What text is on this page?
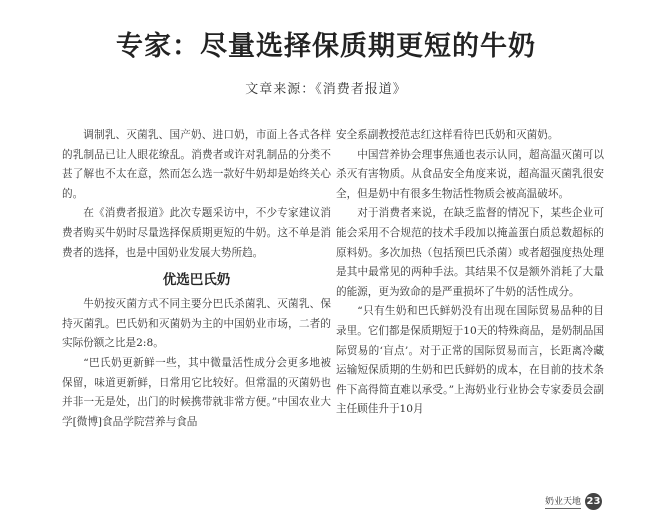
专家：尽量选择保质期更短的牛奶
文章来源：《消费者报道》

调制乳、灭菌乳、国产奶、进口奶，市面上各式各样的乳制品已让人眼花缭乱。消费者或许对乳制品的分类不甚了解也不太在意，然而怎么选一款好牛奶却是始终关心的。

在《消费者报道》此次专题采访中，不少专家建议消费者购买牛奶时尽量选择保质期更短的牛奶。这不单是消费者的选择，也是中国奶业发展大势所趋。

优选巴氏奶

牛奶按灭菌方式不同主要分巴氏杀菌乳、灭菌乳、保持灭菌乳。巴氏奶和灭菌奶为主的中国奶业市场，二者的实际份额之比是2:8。

“巴氏奶更新鲜一些，其中微量活性成分会更多地被保留，味道更新鲜，日常用它比较好。但常温的灭菌奶也并非一无是处，出门的时候携带就非常方便。”中国农业大学[微博]食品学院营养与食品

安全系副教授范志红这样看待巴氏奶和灭菌奶。

中国营养协会理事焦通也表示认同，超高温灭菌可以杀灭有害物质。从食品安全角度来说，超高温灭菌乳很安全，但是奶中有很多生物活性物质会被高温破坏。

对于消费者来说，在缺乏监督的情况下，某些企业可能会采用不合规范的技术手段加以掩盖蛋白质总数超标的原料奶。多次加热（包括预巴氏杀菌）或者超强度热处理是其中最常见的两种手法。其结果不仅是额外消耗了大量的能源，更为致命的是严重损坏了牛奶的活性成分。

“只有生奶和巴氏鲜奶没有出现在国际贸易品种的目录里。它们都是保质期短于10天的特殊商品，是奶制品国际贸易的‘盲点’。对于正常的国际贸易而言，长距离冷藏运输短保质期的生奶和巴氏鲜奶的成本，在目前的技术条件下高得简直难以承受。”上海奶业行业协会专家委员会副主任顾佳升于10月

奶业天地 23
